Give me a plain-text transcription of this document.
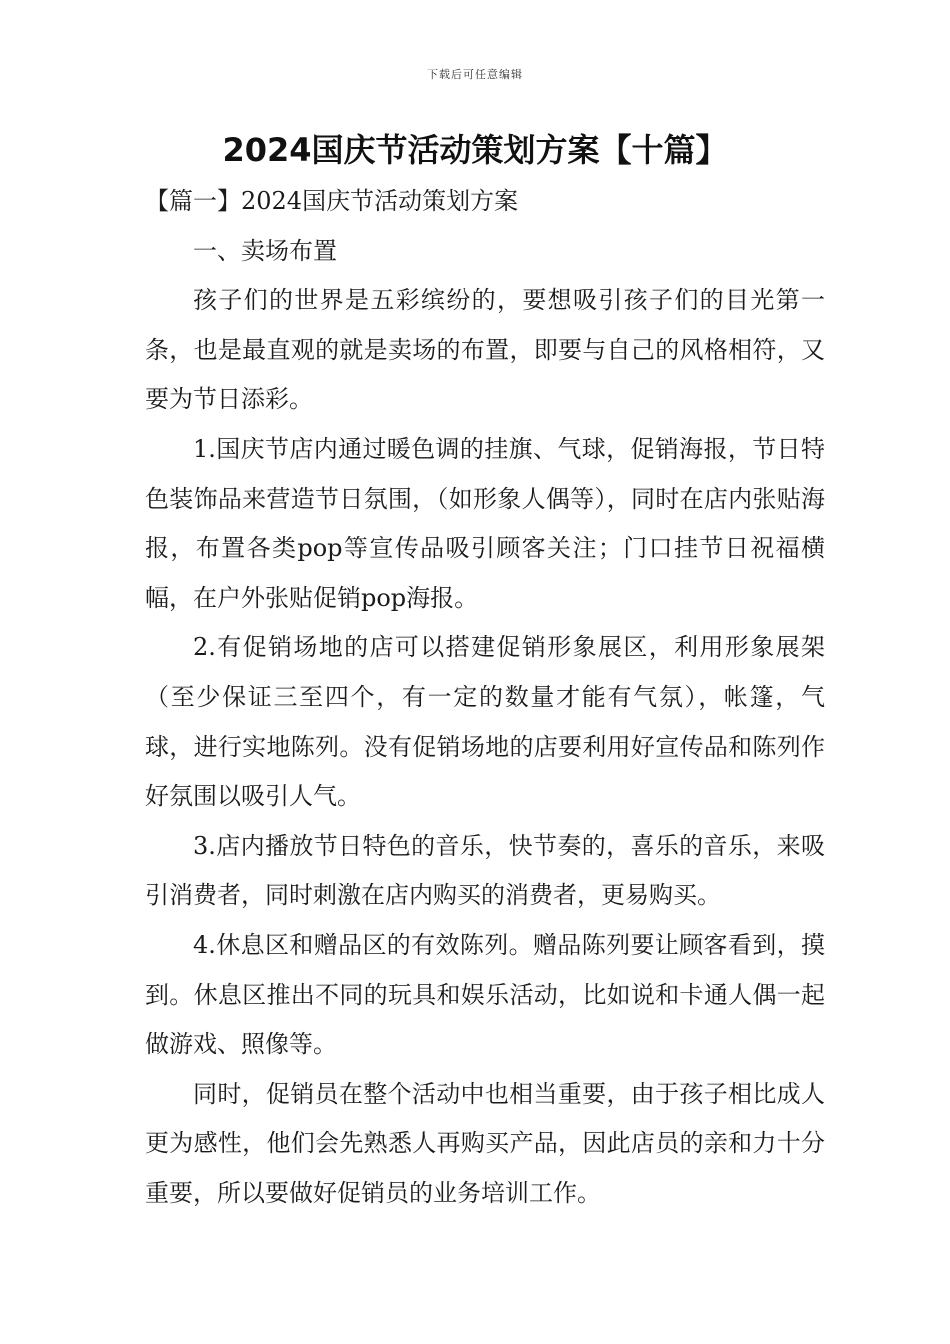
下载后可任意编辑
2024国庆节活动策划方案【十篇】

【篇一】2024国庆节活动策划方案

一、卖场布置

孩子们的世界是五彩缤纷的，要想吸引孩子们的目光第一条，也是最直观的就是卖场的布置，即要与自己的风格相符，又要为节日添彩。

1.国庆节店内通过暖色调的挂旗、气球，促销海报，节日特色装饰品来营造节日氛围，（如形象人偶等），同时在店内张贴海报，布置各类pop等宣传品吸引顾客关注；门口挂节日祝福横幅，在户外张贴促销pop海报。

2.有促销场地的店可以搭建促销形象展区，利用形象展架（至少保证三至四个，有一定的数量才能有气氛），帐篷，气球，进行实地陈列。没有促销场地的店要利用好宣传品和陈列作好氛围以吸引人气。

3.店内播放节日特色的音乐，快节奏的，喜乐的音乐，来吸引消费者，同时刺激在店内购买的消费者，更易购买。

4.休息区和赠品区的有效陈列。赠品陈列要让顾客看到，摸到。休息区推出不同的玩具和娱乐活动，比如说和卡通人偶一起做游戏、照像等。

同时，促销员在整个活动中也相当重要，由于孩子相比成人更为感性，他们会先熟悉人再购买产品，因此店员的亲和力十分重要，所以要做好促销员的业务培训工作。
